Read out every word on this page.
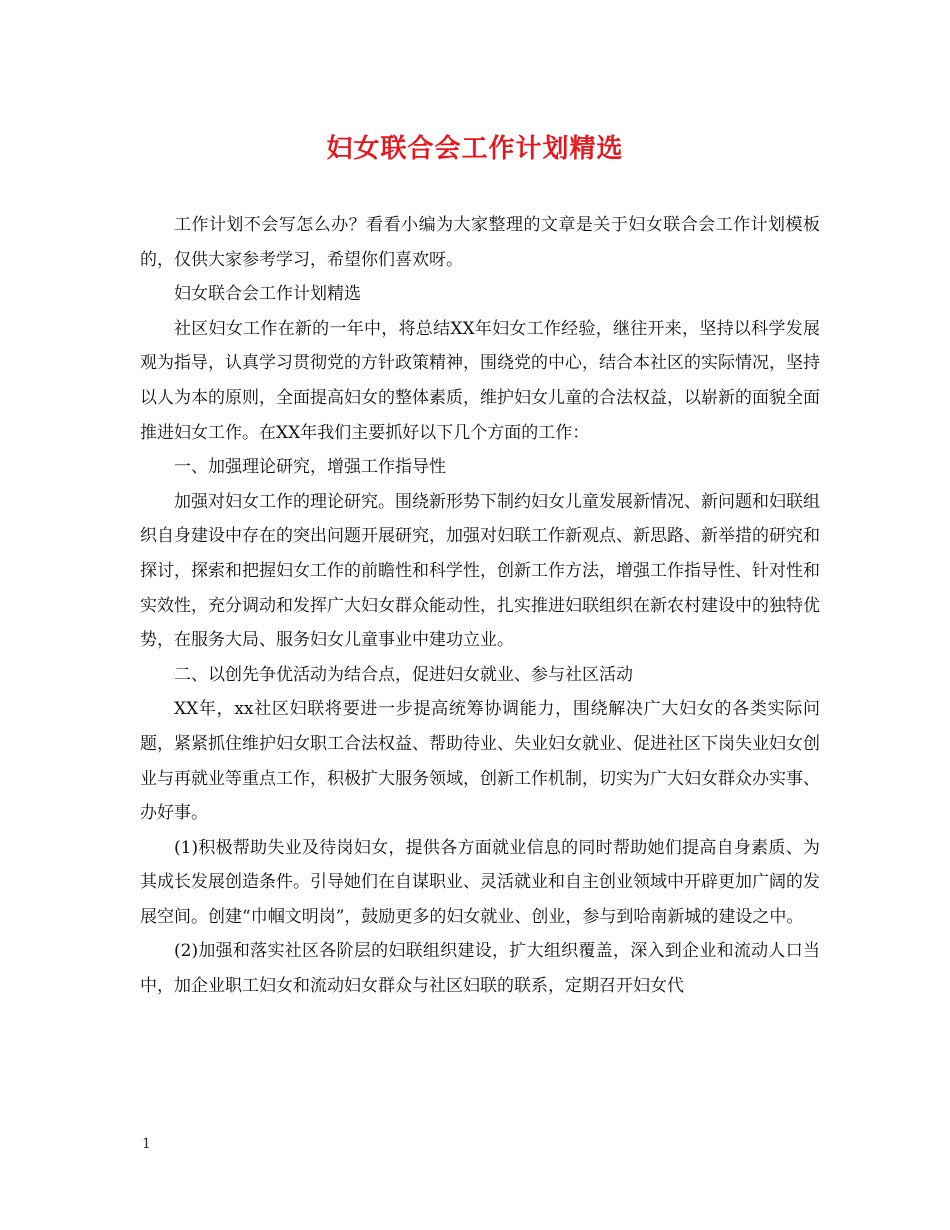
妇女联合会工作计划精选

工作计划不会写怎么办？看看小编为大家整理的文章是关于妇女联合会工作计划模板的，仅供大家参考学习，希望你们喜欢呀。

妇女联合会工作计划精选

社区妇女工作在新的一年中，将总结XX年妇女工作经验，继往开来，坚持以科学发展观为指导，认真学习贯彻党的方针政策精神，围绕党的中心，结合本社区的实际情况，坚持以人为本的原则，全面提高妇女的整体素质，维护妇女儿童的合法权益，以崭新的面貌全面推进妇女工作。在XX年我们主要抓好以下几个方面的工作：

一、加强理论研究，增强工作指导性

加强对妇女工作的理论研究。围绕新形势下制约妇女儿童发展新情况、新问题和妇联组织自身建设中存在的突出问题开展研究，加强对妇联工作新观点、新思路、新举措的研究和探讨，探索和把握妇女工作的前瞻性和科学性，创新工作方法，增强工作指导性、针对性和实效性，充分调动和发挥广大妇女群众能动性，扎实推进妇联组织在新农村建设中的独特优势，在服务大局、服务妇女儿童事业中建功立业。

二、以创先争优活动为结合点，促进妇女就业、参与社区活动

XX年，xx社区妇联将要进一步提高统筹协调能力，围绕解决广大妇女的各类实际问题，紧紧抓住维护妇女职工合法权益、帮助待业、失业妇女就业、促进社区下岗失业妇女创业与再就业等重点工作，积极扩大服务领域，创新工作机制，切实为广大妇女群众办实事、办好事。

(1)积极帮助失业及待岗妇女，提供各方面就业信息的同时帮助她们提高自身素质、为其成长发展创造条件。引导她们在自谋职业、灵活就业和自主创业领域中开辟更加广阔的发展空间。创建“巾帼文明岗”，鼓励更多的妇女就业、创业，参与到哈南新城的建设之中。

(2)加强和落实社区各阶层的妇联组织建设，扩大组织覆盖，深入到企业和流动人口当中，加企业职工妇女和流动妇女群众与社区妇联的联系，定期召开妇女代

1
